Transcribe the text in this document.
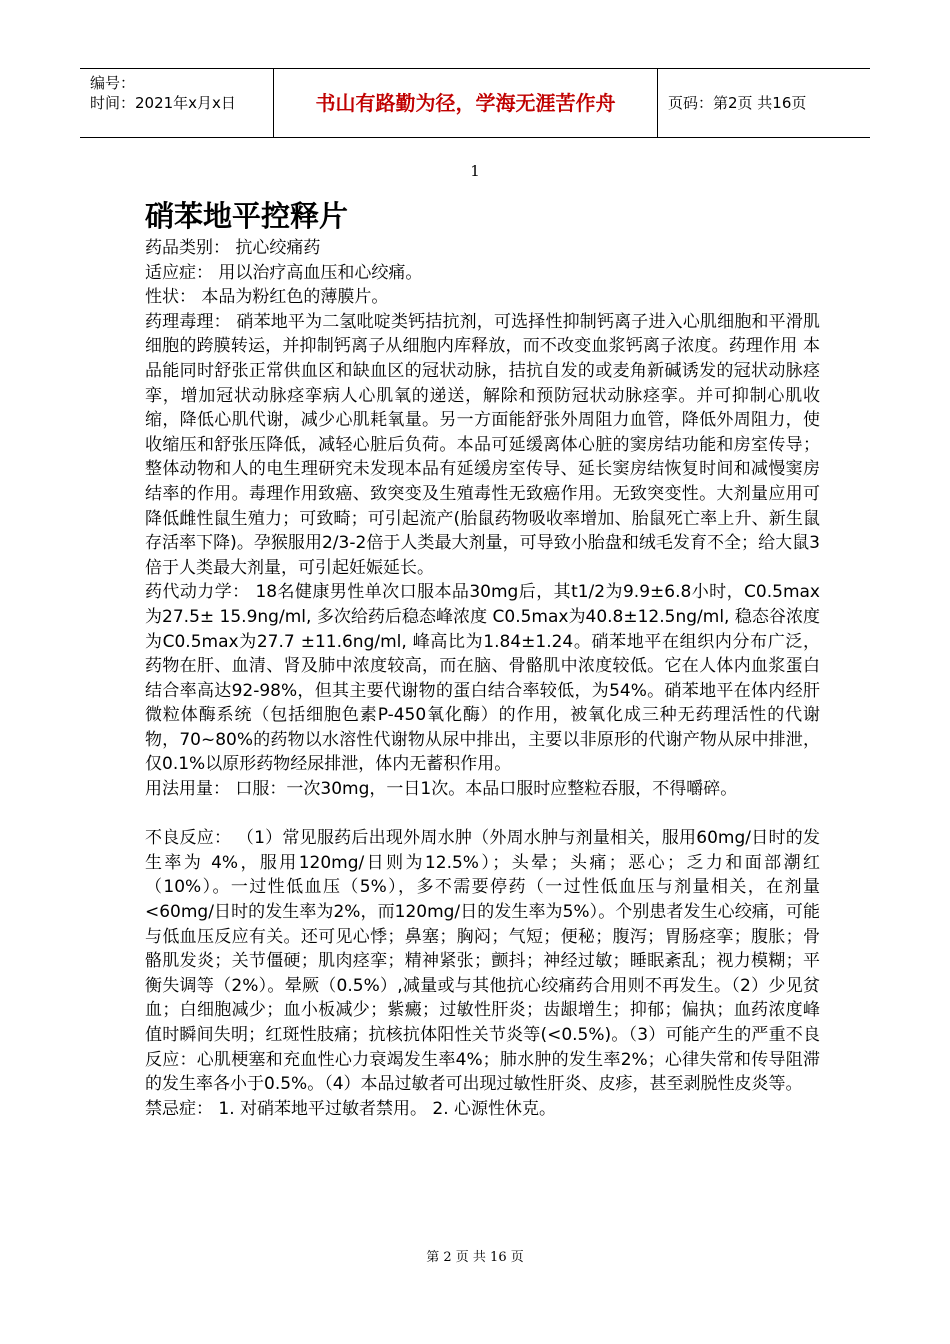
编号：
时间：2021年x月x日	书山有路勤为径，学海无涯苦作舟	页码：第2页 共16页
1
硝苯地平控释片

药品类别： 抗心绞痛药

适应症： 用以治疗高血压和心绞痛。

性状： 本品为粉红色的薄膜片。

药理毒理： 硝苯地平为二氢吡啶类钙拮抗剂，可选择性抑制钙离子进入心肌细胞和平滑肌细胞的跨膜转运，并抑制钙离子从细胞内库释放，而不改变血浆钙离子浓度。药理作用 本品能同时舒张正常供血区和缺血区的冠状动脉，拮抗自发的或麦角新碱诱发的冠状动脉痉挛，增加冠状动脉痉挛病人心肌氧的递送，解除和预防冠状动脉痉挛。并可抑制心肌收缩，降低心肌代谢，减少心肌耗氧量。另一方面能舒张外周阻力血管，降低外周阻力，使收缩压和舒张压降低，减轻心脏后负荷。本品可延缓离体心脏的窦房结功能和房室传导；整体动物和人的电生理研究未发现本品有延缓房室传导、延长窦房结恢复时间和减慢窦房结率的作用。毒理作用致癌、致突变及生殖毒性无致癌作用。无致突变性。大剂量应用可降低雌性鼠生殖力；可致畸；可引起流产(胎鼠药物吸收率增加、胎鼠死亡率上升、新生鼠存活率下降)。孕猴服用2/3-2倍于人类最大剂量，可导致小胎盘和绒毛发育不全；给大鼠3倍于人类最大剂量，可引起妊娠延长。

药代动力学： 18名健康男性单次口服本品30mg后，其t1/2为9.9±6.8小时，C0.5max为27.5± 15.9ng/ml, 多次给药后稳态峰浓度 C0.5max为40.8±12.5ng/ml, 稳态谷浓度为C0.5max为27.7 ±11.6ng/ml, 峰高比为1.84±1.24。硝苯地平在组织内分布广泛，药物在肝、血清、肾及肺中浓度较高，而在脑、骨骼肌中浓度较低。它在人体内血浆蛋白结合率高达92-98%，但其主要代谢物的蛋白结合率较低，为54%。硝苯地平在体内经肝微粒体酶系统（包括细胞色素P-450氧化酶）的作用，被氧化成三种无药理活性的代谢物，70~80%的药物以水溶性代谢物从尿中排出，主要以非原形的代谢产物从尿中排泄，仅0.1%以原形药物经尿排泄，体内无蓄积作用。

用法用量： 口服：一次30mg，一日1次。本品口服时应整粒吞服，不得嚼碎。

不良反应： （1）常见服药后出现外周水肿（外周水肿与剂量相关，服用60mg/日时的发生率为 4%，服用120mg/日则为12.5%）；头晕；头痛；恶心；乏力和面部潮红（10%）。一过性低血压（5%），多不需要停药（一过性低血压与剂量相关，在剂量<60mg/日时的发生率为2%，而120mg/日的发生率为5%）。个别患者发生心绞痛，可能与低血压反应有关。还可见心悸；鼻塞；胸闷；气短；便秘；腹泻；胃肠痉挛；腹胀；骨骼肌发炎；关节僵硬；肌肉痉挛；精神紧张；颤抖；神经过敏；睡眠紊乱；视力模糊；平衡失调等（2%）。晕厥（0.5%）,减量或与其他抗心绞痛药合用则不再发生。（2）少见贫血；白细胞减少；血小板减少；紫癜；过敏性肝炎；齿龈增生；抑郁；偏执；血药浓度峰值时瞬间失明；红斑性肢痛；抗核抗体阳性关节炎等(<0.5%)。（3）可能产生的严重不良反应：心肌梗塞和充血性心力衰竭发生率4%；肺水肿的发生率2%；心律失常和传导阻滞的发生率各小于0.5%。（4）本品过敏者可出现过敏性肝炎、皮疹，甚至剥脱性皮炎等。

禁忌症： 1. 对硝苯地平过敏者禁用。 2. 心源性休克。

第 2 页 共 16 页
